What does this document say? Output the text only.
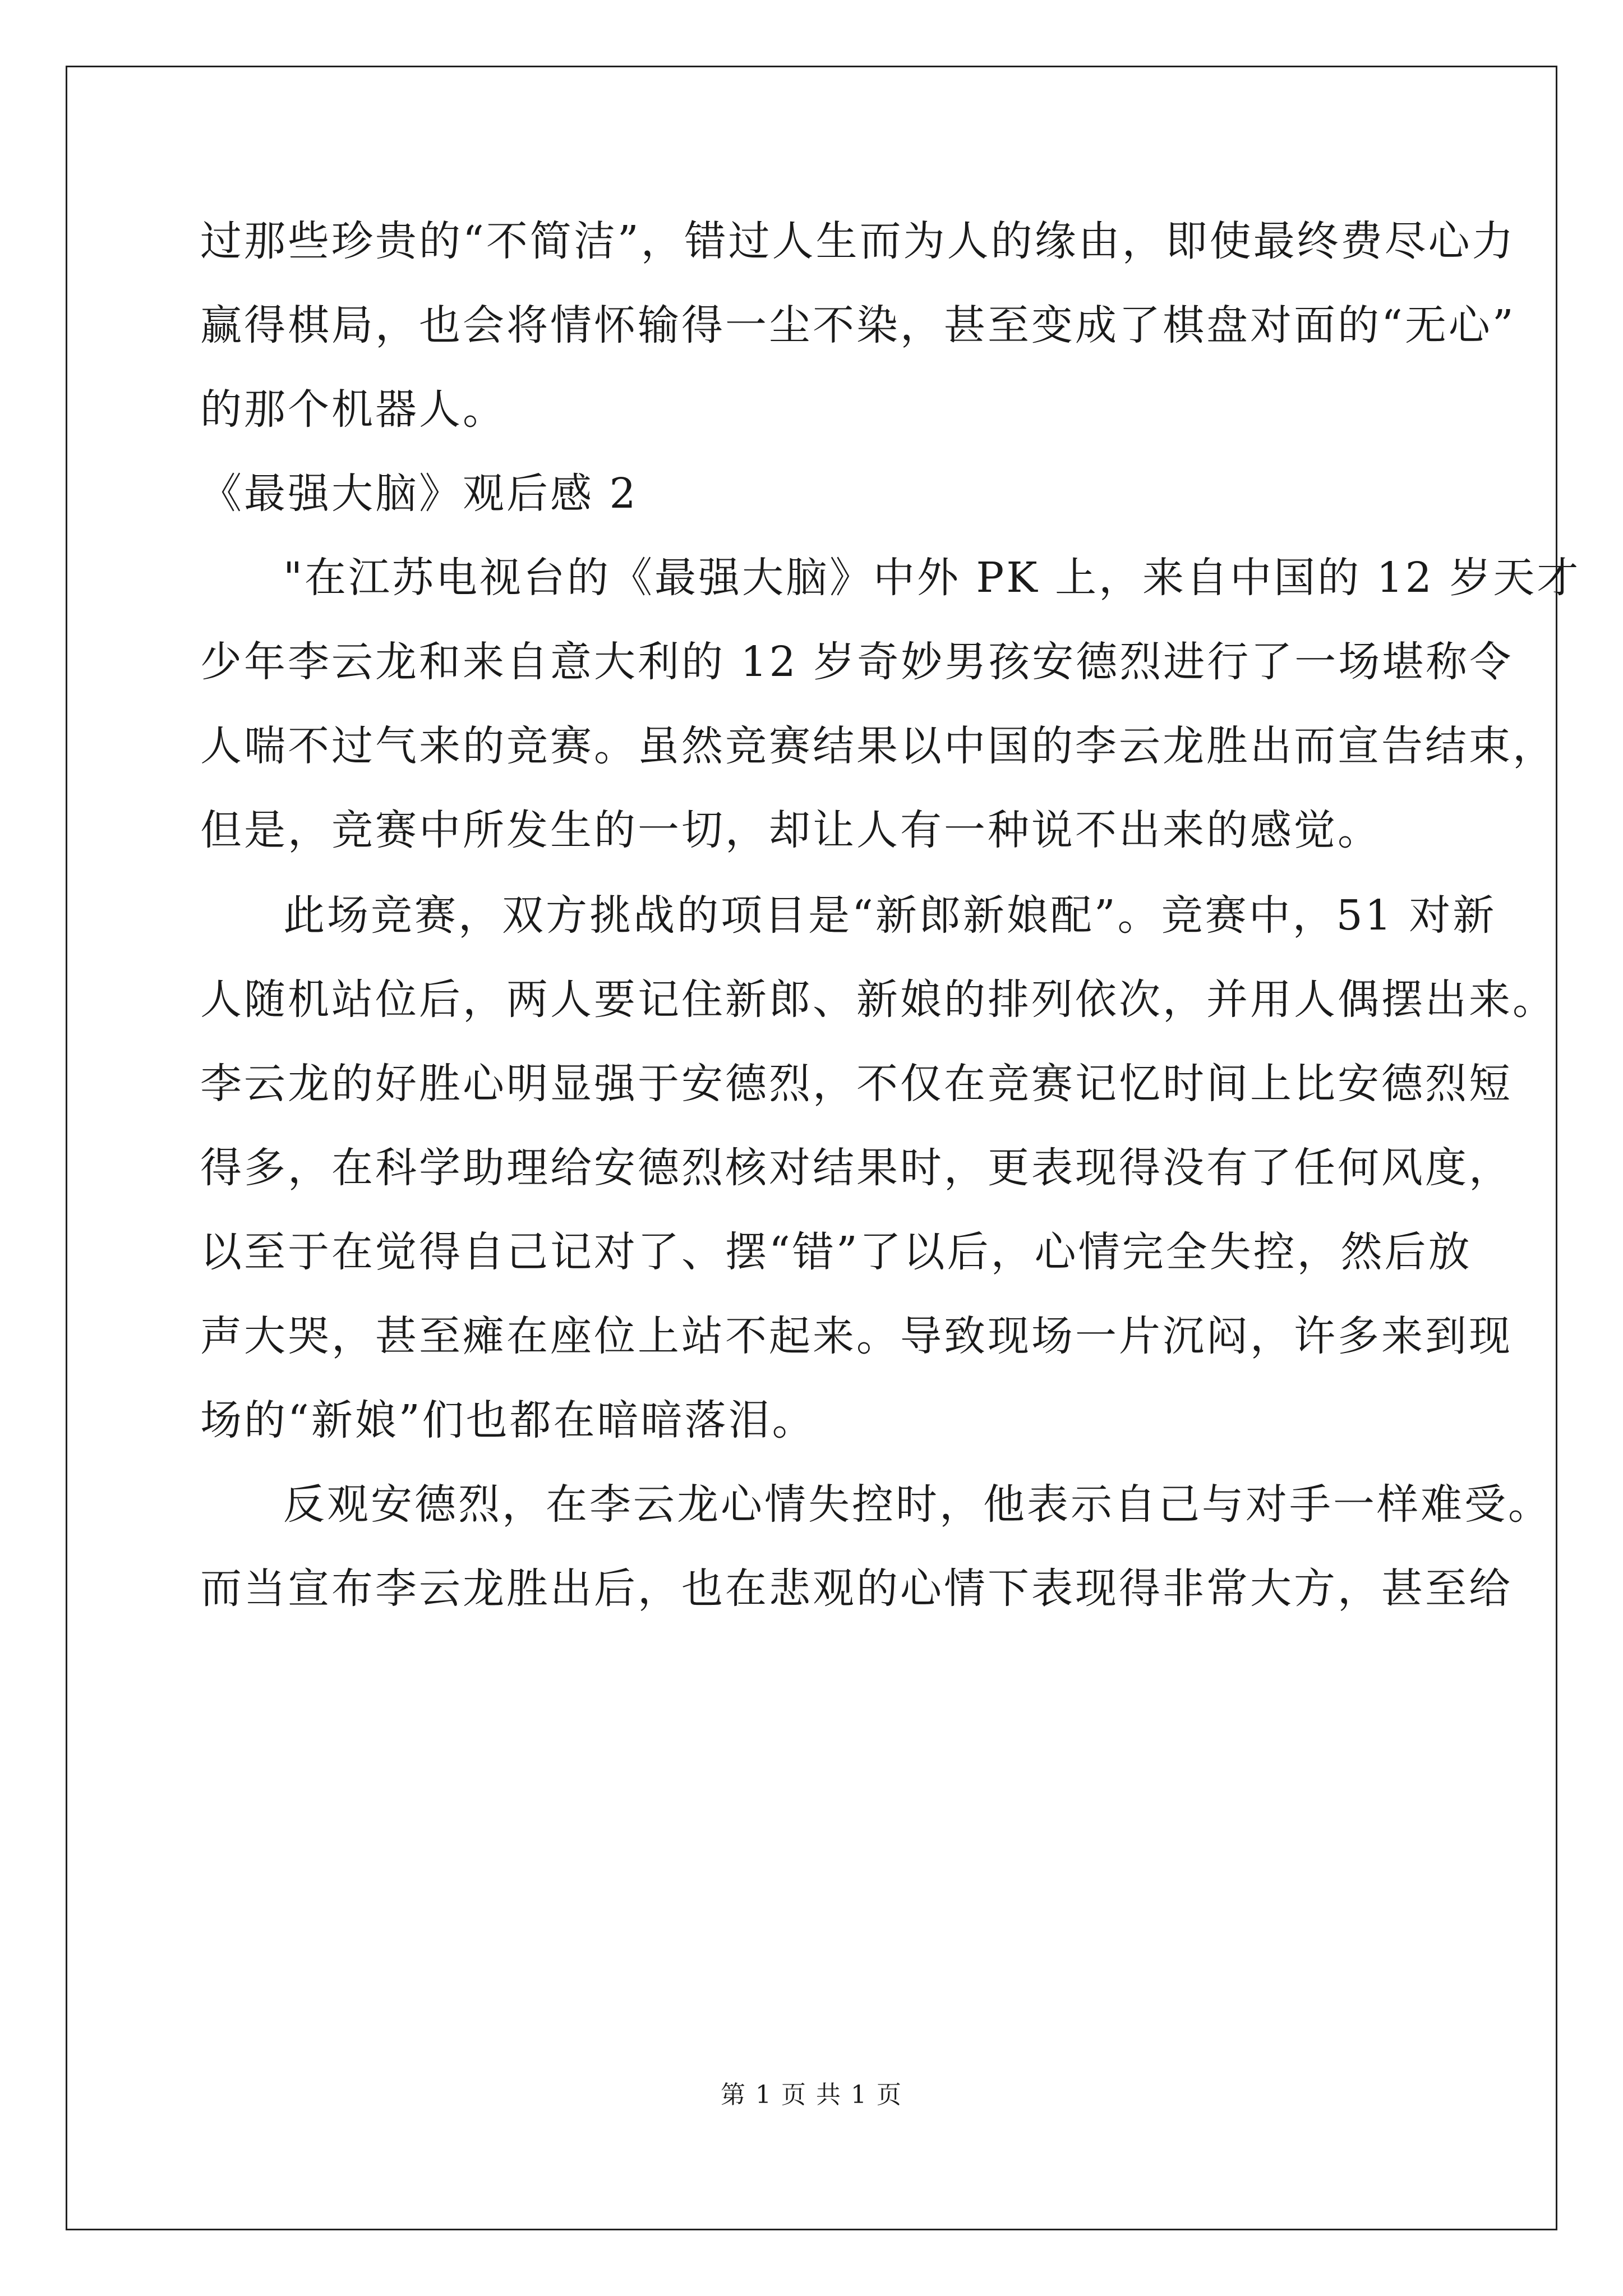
过那些珍贵的“不简洁”，错过人生而为人的缘由，即使最终费尽心力
赢得棋局，也会将情怀输得一尘不染，甚至变成了棋盘对面的“无心”
的那个机器人。
《最强大脑》观后感 2
"在江苏电视台的《最强大脑》中外 PK 上，来自中国的 12 岁天才
少年李云龙和来自意大利的 12 岁奇妙男孩安德烈进行了一场堪称令
人喘不过气来的竞赛。虽然竞赛结果以中国的李云龙胜出而宣告结束，
但是，竞赛中所发生的一切，却让人有一种说不出来的感觉。
此场竞赛，双方挑战的项目是“新郎新娘配”。竞赛中，51 对新
人随机站位后，两人要记住新郎、新娘的排列依次，并用人偶摆出来。
李云龙的好胜心明显强于安德烈，不仅在竞赛记忆时间上比安德烈短
得多，在科学助理给安德烈核对结果时，更表现得没有了任何风度，
以至于在觉得自己记对了、摆“错”了以后，心情完全失控，然后放
声大哭，甚至瘫在座位上站不起来。导致现场一片沉闷，许多来到现
场的“新娘”们也都在暗暗落泪。
反观安德烈，在李云龙心情失控时，他表示自己与对手一样难受。
而当宣布李云龙胜出后，也在悲观的心情下表现得非常大方，甚至给
第 1 页 共 1 页
